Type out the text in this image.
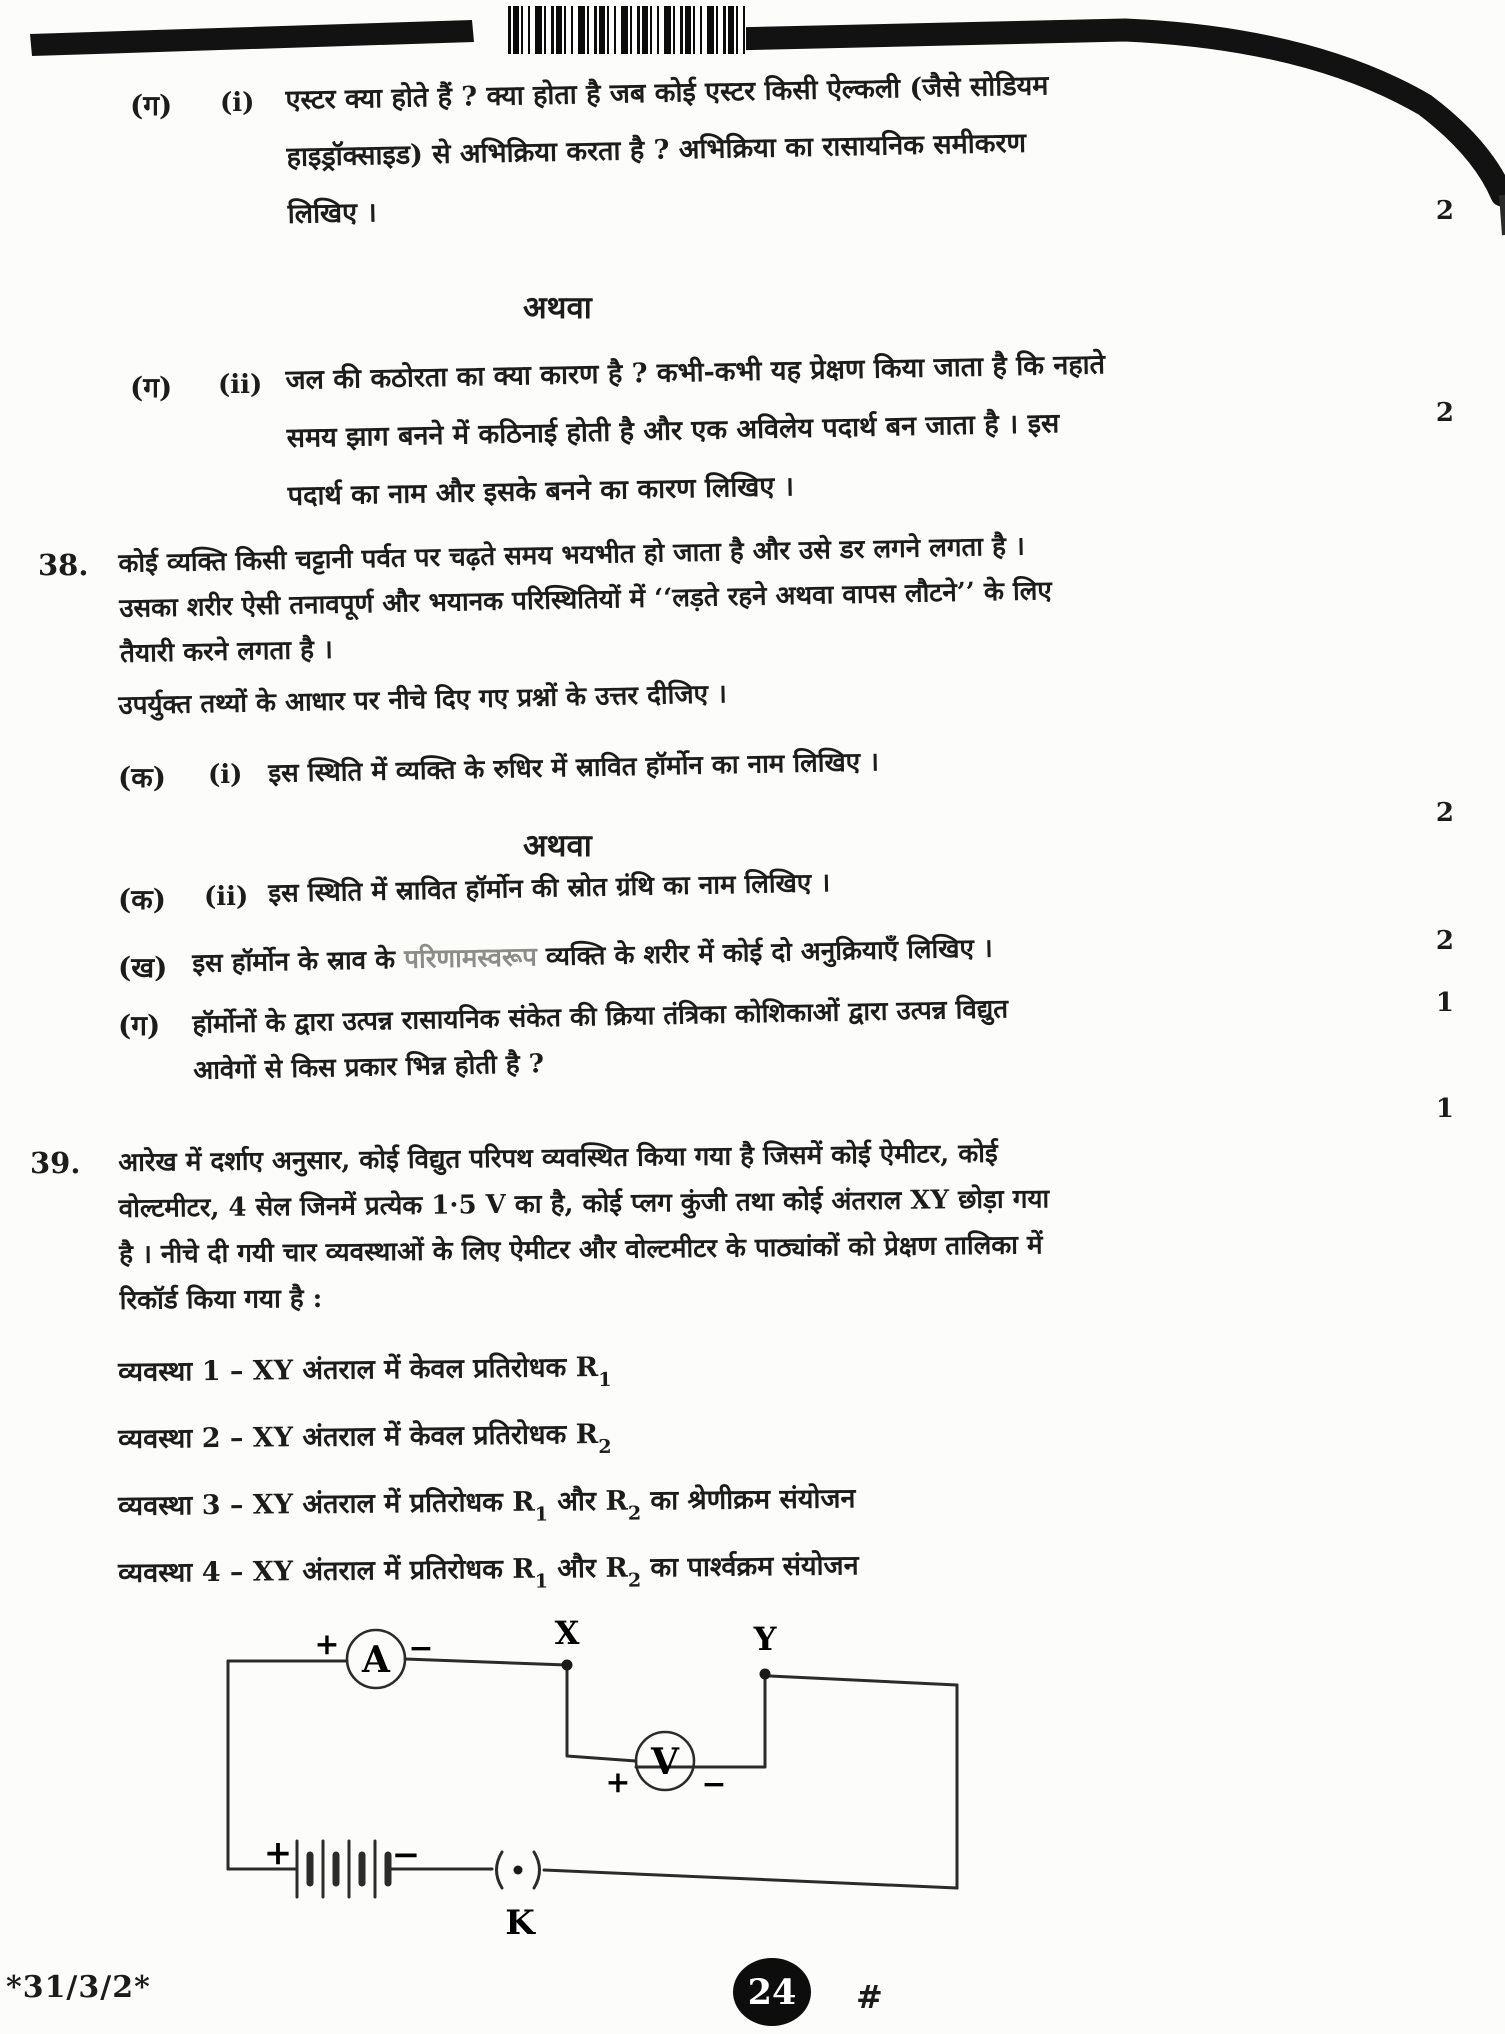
(ग) (i) एस्टर क्या होते हैं ? क्या होता है जब कोई एस्टर किसी ऐल्कली (जैसे सोडियम
हाइड्रॉक्साइड) से अभिक्रिया करता है ? अभिक्रिया का रासायनिक समीकरण
लिखिए ।	2
अथवा
(ग) (ii) जल की कठोरता का क्या कारण है ? कभी-कभी यह प्रेक्षण किया जाता है कि नहाते
समय झाग बनने में कठिनाई होती है और एक अविलेय पदार्थ बन जाता है । इस
पदार्थ का नाम और इसके बनने का कारण लिखिए ।
2
38. कोई व्यक्ति किसी चट्टानी पर्वत पर चढ़ते समय भयभीत हो जाता है और उसे डर लगने लगता है ।
उसका शरीर ऐसी तनावपूर्ण और भयानक परिस्थितियों में ‘‘लड़ते रहने अथवा वापस लौटने’’ के लिए
तैयारी करने लगता है ।
उपर्युक्त तथ्यों के आधार पर नीचे दिए गए प्रश्नों के उत्तर दीजिए ।
(क) (i) इस स्थिति में व्यक्ति के रुधिर में स्रावित हॉर्मोन का नाम लिखिए ।
2
अथवा
(क) (ii) इस स्थिति में स्रावित हॉर्मोन की स्रोत ग्रंथि का नाम लिखिए ।
2
(ख) इस हॉर्मोन के स्राव के परिणामस्वरूप व्यक्ति के शरीर में कोई दो अनुक्रियाएँ लिखिए ।
1
(ग) हॉर्मोनों के द्वारा उत्पन्न रासायनिक संकेत की क्रिया तंत्रिका कोशिकाओं द्वारा उत्पन्न विद्युत
आवेगों से किस प्रकार भिन्न होती है ?
1
39. आरेख में दर्शाए अनुसार, कोई विद्युत परिपथ व्यवस्थित किया गया है जिसमें कोई ऐमीटर, कोई
वोल्टमीटर, 4 सेल जिनमें प्रत्येक 1·5 V का है, कोई प्लग कुंजी तथा कोई अंतराल XY छोड़ा गया
है । नीचे दी गयी चार व्यवस्थाओं के लिए ऐमीटर और वोल्टमीटर के पाठ्यांकों को प्रेक्षण तालिका में
रिकॉर्ड किया गया है :
व्यवस्था 1 – XY अंतराल में केवल प्रतिरोधक $R_1$
व्यवस्था 2 – XY अंतराल में केवल प्रतिरोधक $R_2$
व्यवस्था 3 – XY अंतराल में प्रतिरोधक $R_1$ और $R_2$ का श्रेणीक्रम संयोजन
व्यवस्था 4 – XY अंतराल में प्रतिरोधक $R_1$ और $R_2$ का पार्श्वक्रम संयोजन
A
V
X	Y
K
+ −
+	−
+ −
*31/3/2*	24 #
